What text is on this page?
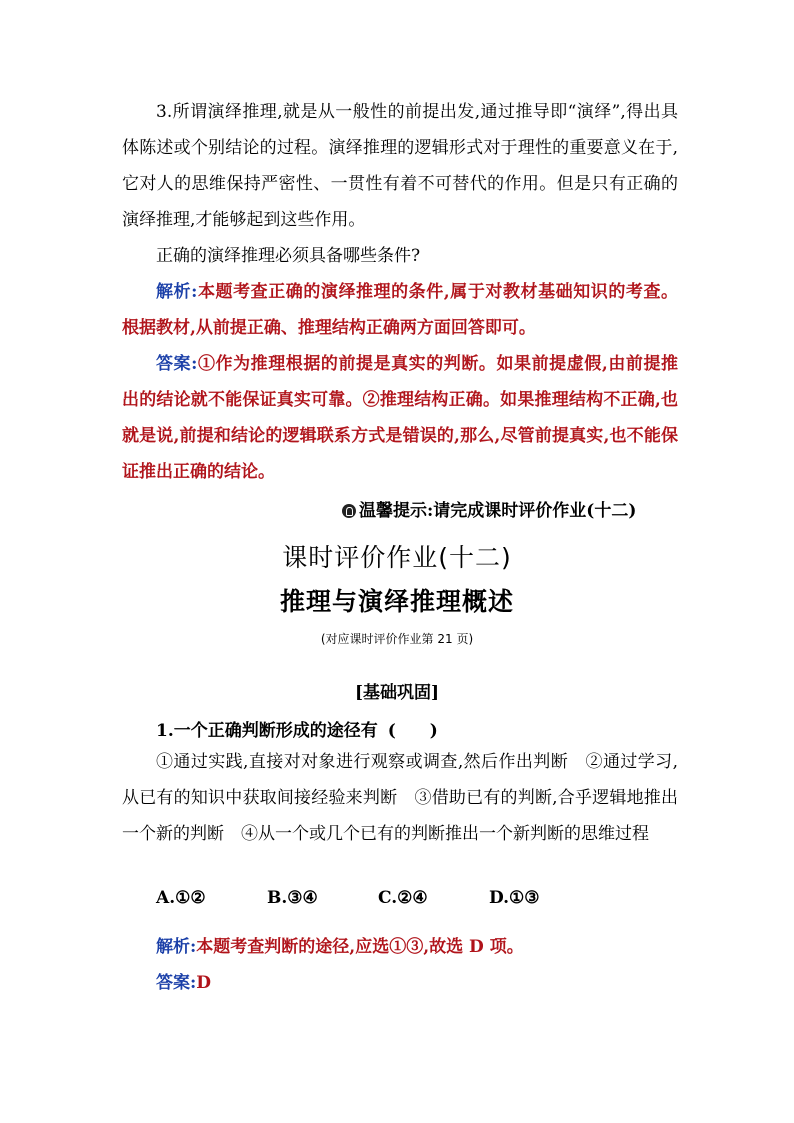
3.所谓演绎推理,就是从一般性的前提出发,通过推导即“演绎”,得出具体陈述或个别结论的过程。演绎推理的逻辑形式对于理性的重要意义在于,它对人的思维保持严密性、一贯性有着不可替代的作用。但是只有正确的演绎推理,才能够起到这些作用。
正确的演绎推理必须具备哪些条件?
解析:本题考查正确的演绎推理的条件,属于对教材基础知识的考查。根据教材,从前提正确、推理结构正确两方面回答即可。
答案:①作为推理根据的前提是真实的判断。如果前提虚假,由前提推出的结论就不能保证真实可靠。②推理结构正确。如果推理结构不正确,也就是说,前提和结论的逻辑联系方式是错误的,那么,尽管前提真实,也不能保证推出正确的结论。
温馨提示:请完成课时评价作业(十二)
课时评价作业(十二)
推理与演绎推理概述
(对应课时评价作业第 21 页)
[基础巩固]
1.一个正确判断形成的途径有 (　　)
①通过实践,直接对对象进行观察或调查,然后作出判断　②通过学习,从已有的知识中获取间接经验来判断　③借助已有的判断,合乎逻辑地推出一个新的判断　④从一个或几个已有的判断推出一个新判断的思维过程
A.①②	B.③④	C.②④	D.①③
解析:本题考查判断的途径,应选①③,故选 D 项。
答案:D
